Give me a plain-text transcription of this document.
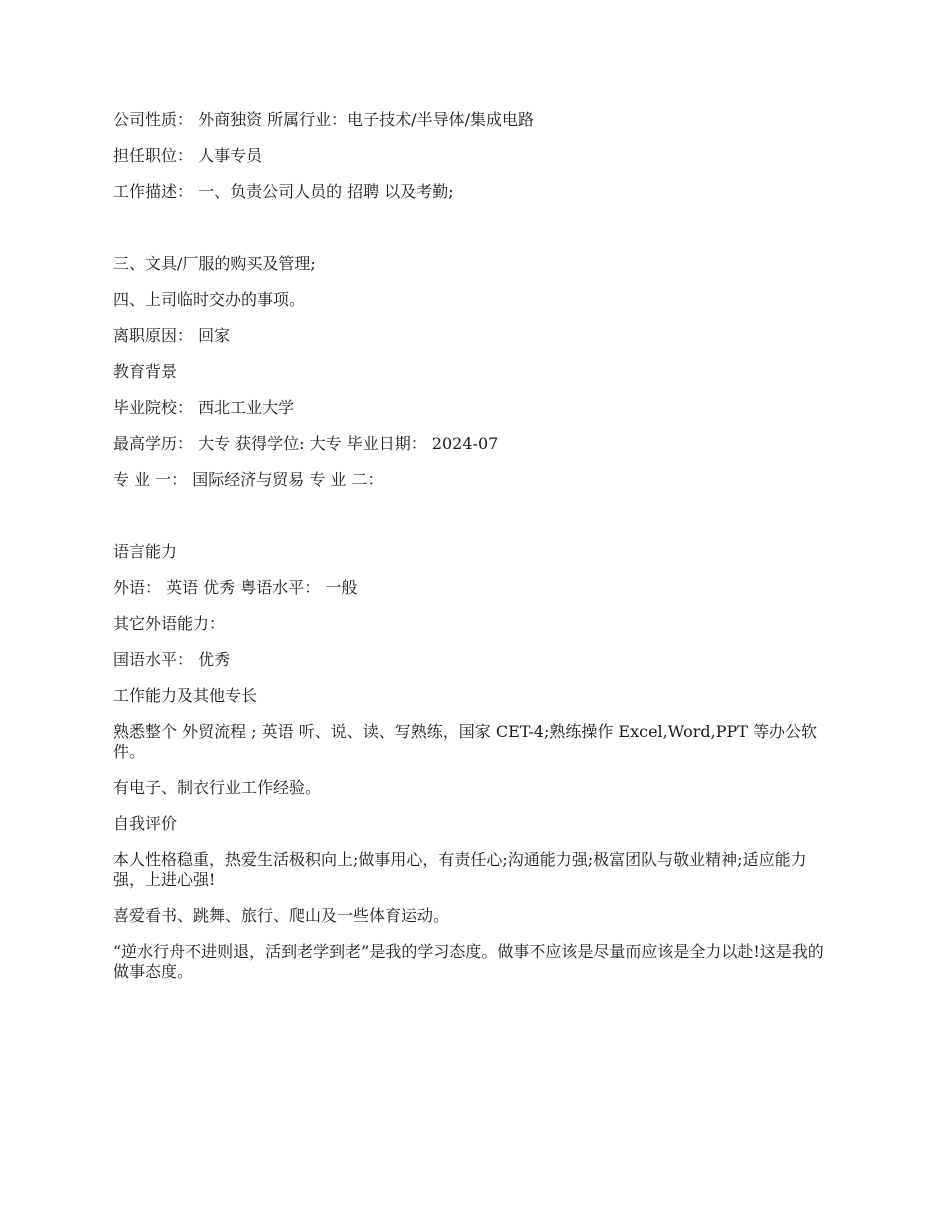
公司性质： 外商独资 所属行业：电子技术/半导体/集成电路

担任职位： 人事专员

工作描述： 一、负责公司人员的 招聘 以及考勤;

三、文具/厂服的购买及管理;

四、上司临时交办的事项。

离职原因： 回家

教育背景

毕业院校： 西北工业大学

最高学历： 大专 获得学位: 大专 毕业日期： 2024-07

专 业 一： 国际经济与贸易 专 业 二：

语言能力

外语： 英语 优秀 粤语水平： 一般

其它外语能力：

国语水平： 优秀

工作能力及其他专长

熟悉整个 外贸流程 ; 英语 听、说、读、写熟练，国家 CET-4;熟练操作 Excel,Word,PPT 等办公软件。

有电子、制衣行业工作经验。

自我评价

本人性格稳重，热爱生活极积向上;做事用心，有责任心;沟通能力强;极富团队与敬业精神;适应能力强，上进心强!

喜爱看书、跳舞、旅行、爬山及一些体育运动。

“逆水行舟不进则退，活到老学到老”是我的学习态度。做事不应该是尽量而应该是全力以赴!这是我的做事态度。
